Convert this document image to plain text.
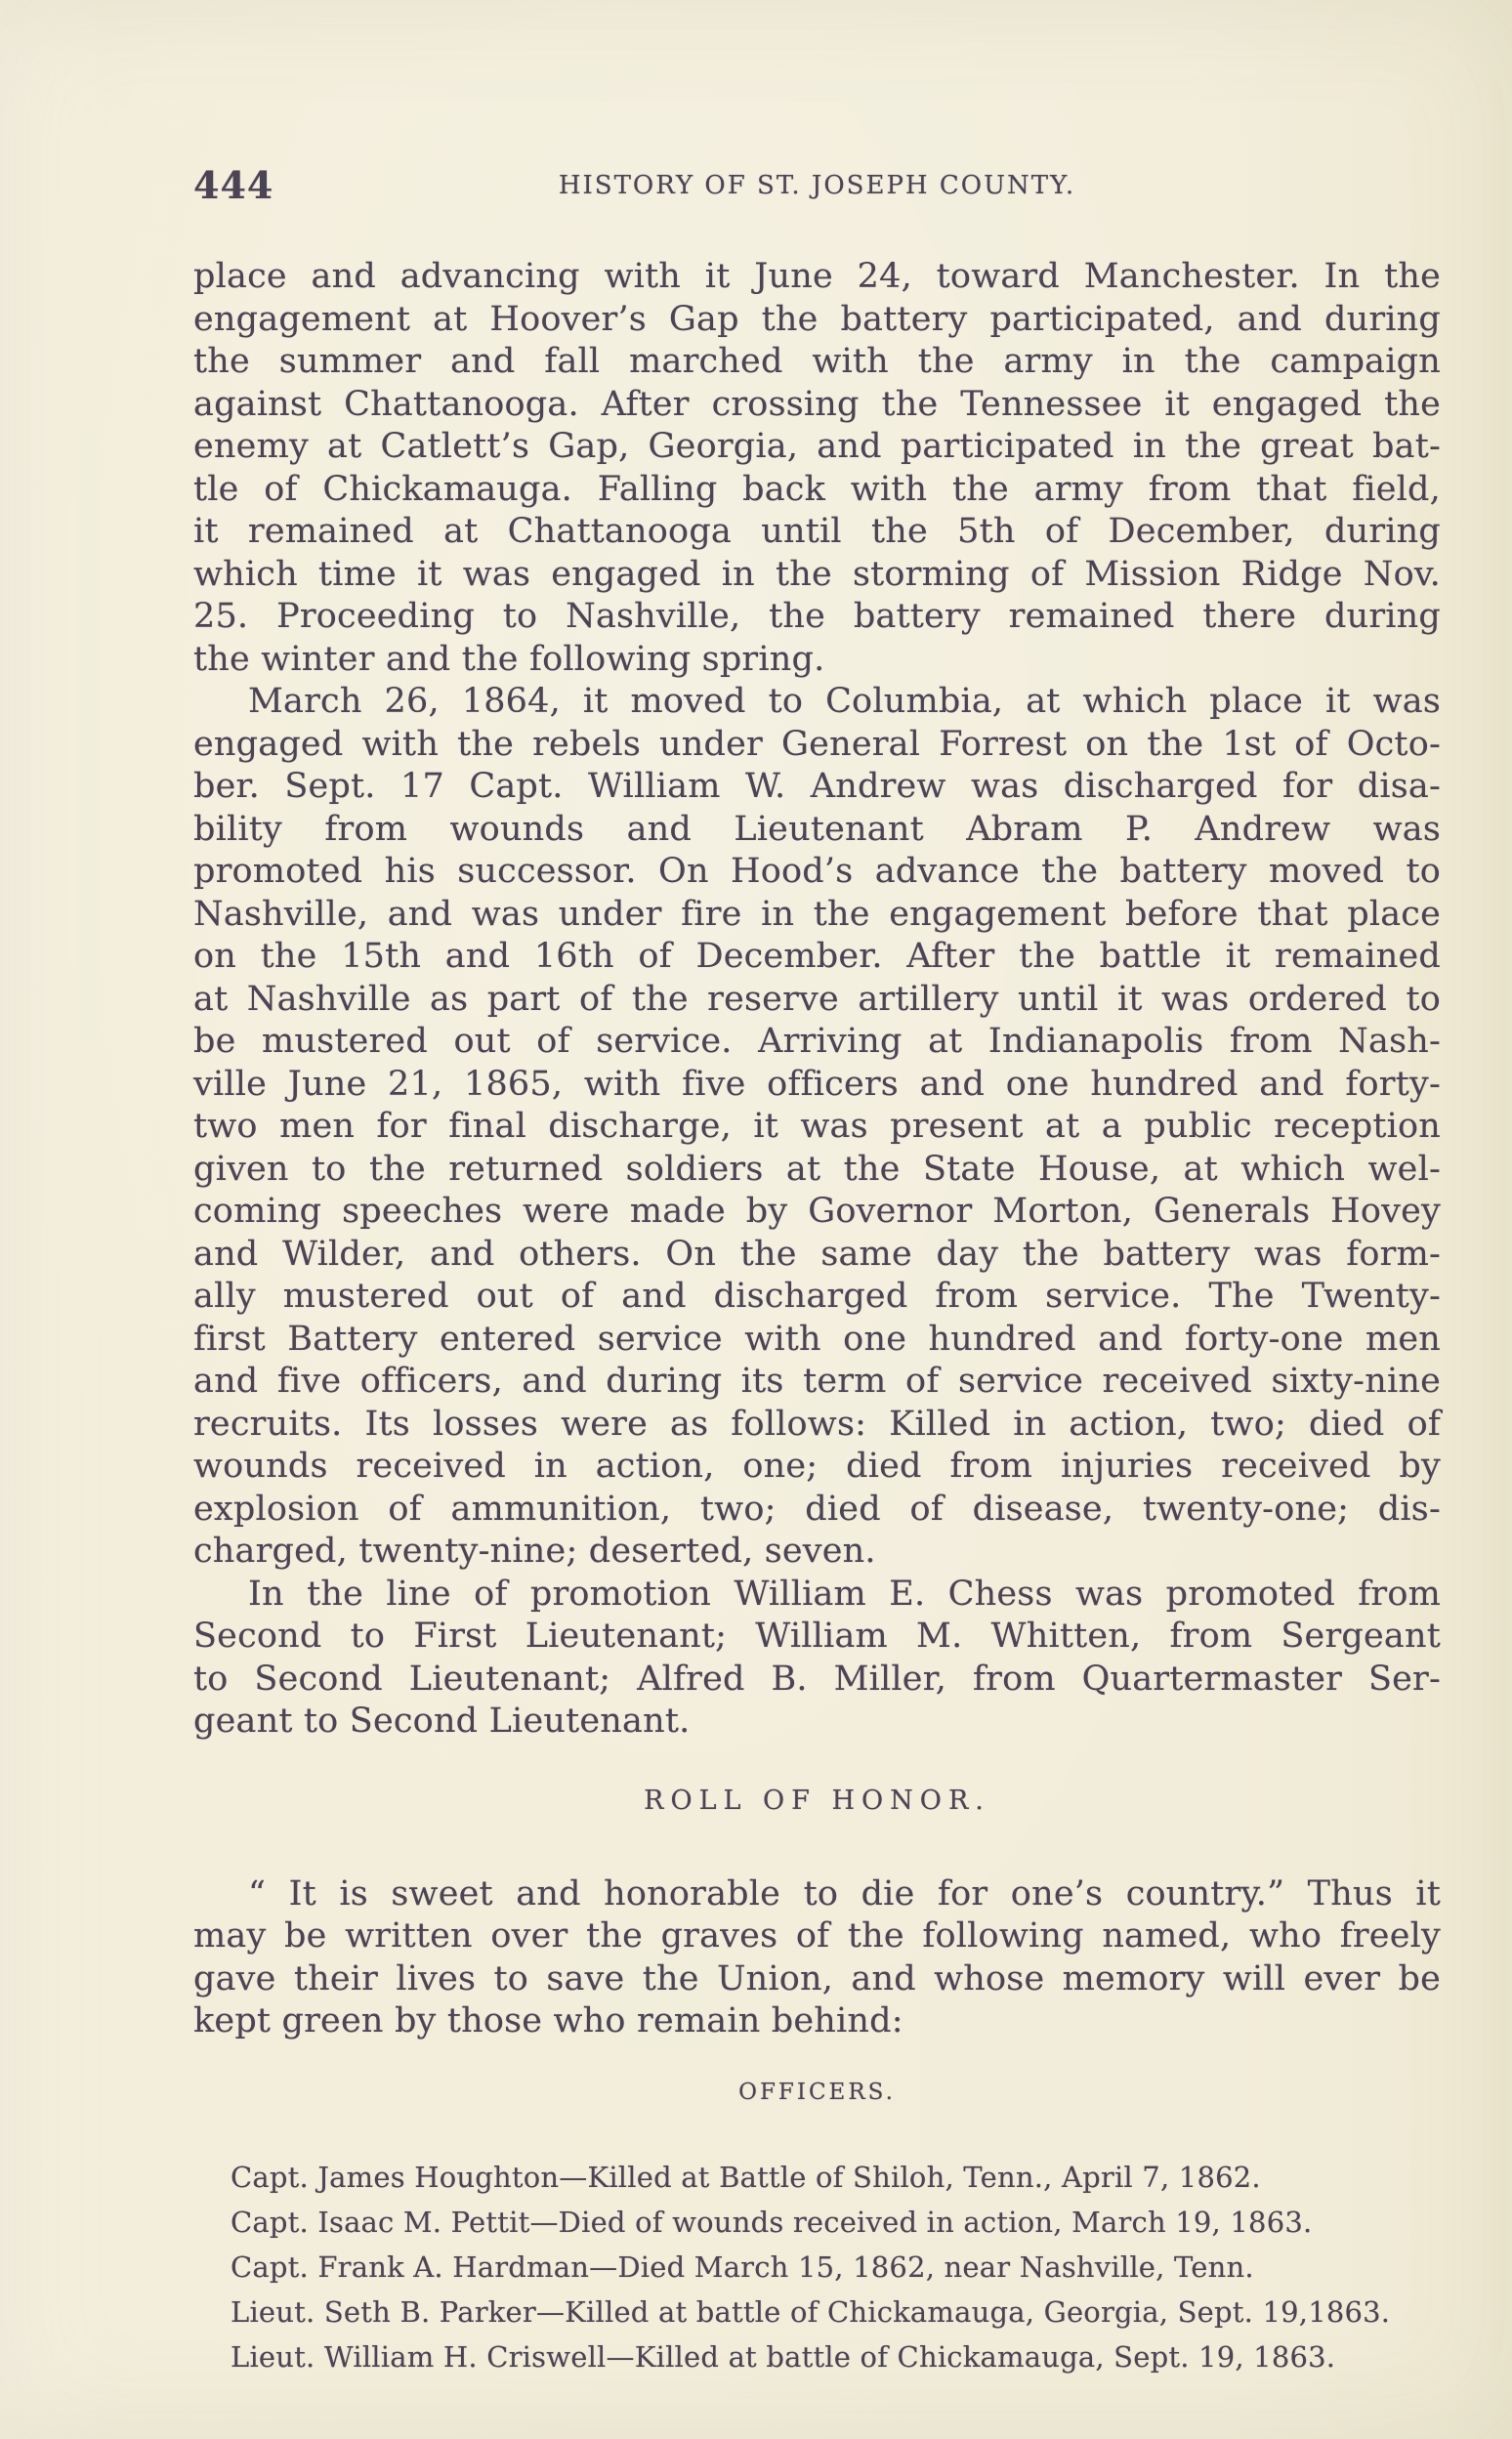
444	HISTORY OF ST. JOSEPH COUNTY.
place and advancing with it June 24, toward Manchester. In the
engagement at Hoover’s Gap the battery participated, and during
the summer and fall marched with the army in the campaign
against Chattanooga. After crossing the Tennessee it engaged the
enemy at Catlett’s Gap, Georgia, and participated in the great bat-
tle of Chickamauga. Falling back with the army from that field,
it remained at Chattanooga until the 5th of December, during
which time it was engaged in the storming of Mission Ridge Nov.
25. Proceeding to Nashville, the battery remained there during
the winter and the following spring.
March 26, 1864, it moved to Columbia, at which place it was
engaged with the rebels under General Forrest on the 1st of Octo-
ber. Sept. 17 Capt. William W. Andrew was discharged for disa-
bility from wounds and Lieutenant Abram P. Andrew was
promoted his successor. On Hood’s advance the battery moved to
Nashville, and was under fire in the engagement before that place
on the 15th and 16th of December. After the battle it remained
at Nashville as part of the reserve artillery until it was ordered to
be mustered out of service. Arriving at Indianapolis from Nash-
ville June 21, 1865, with five officers and one hundred and forty-
two men for final discharge, it was present at a public reception
given to the returned soldiers at the State House, at which wel-
coming speeches were made by Governor Morton, Generals Hovey
and Wilder, and others. On the same day the battery was form-
ally mustered out of and discharged from service. The Twenty-
first Battery entered service with one hundred and forty-one men
and five officers, and during its term of service received sixty-nine
recruits. Its losses were as follows: Killed in action, two; died of
wounds received in action, one; died from injuries received by
explosion of ammunition, two; died of disease, twenty-one; dis-
charged, twenty-nine; deserted, seven.
In the line of promotion William E. Chess was promoted from
Second to First Lieutenant; William M. Whitten, from Sergeant
to Second Lieutenant; Alfred B. Miller, from Quartermaster Ser-
geant to Second Lieutenant.
ROLL OF HONOR.
“ It is sweet and honorable to die for one’s country.” Thus it
may be written over the graves of the following named, who freely
gave their lives to save the Union, and whose memory will ever be
kept green by those who remain behind:
OFFICERS.
Capt. James Houghton—Killed at Battle of Shiloh, Tenn., April 7, 1862.
Capt. Isaac M. Pettit—Died of wounds received in action, March 19, 1863.
Capt. Frank A. Hardman—Died March 15, 1862, near Nashville, Tenn.
Lieut. Seth B. Parker—Killed at battle of Chickamauga, Georgia, Sept. 19,1863.
Lieut. William H. Criswell—Killed at battle of Chickamauga, Sept. 19, 1863.
